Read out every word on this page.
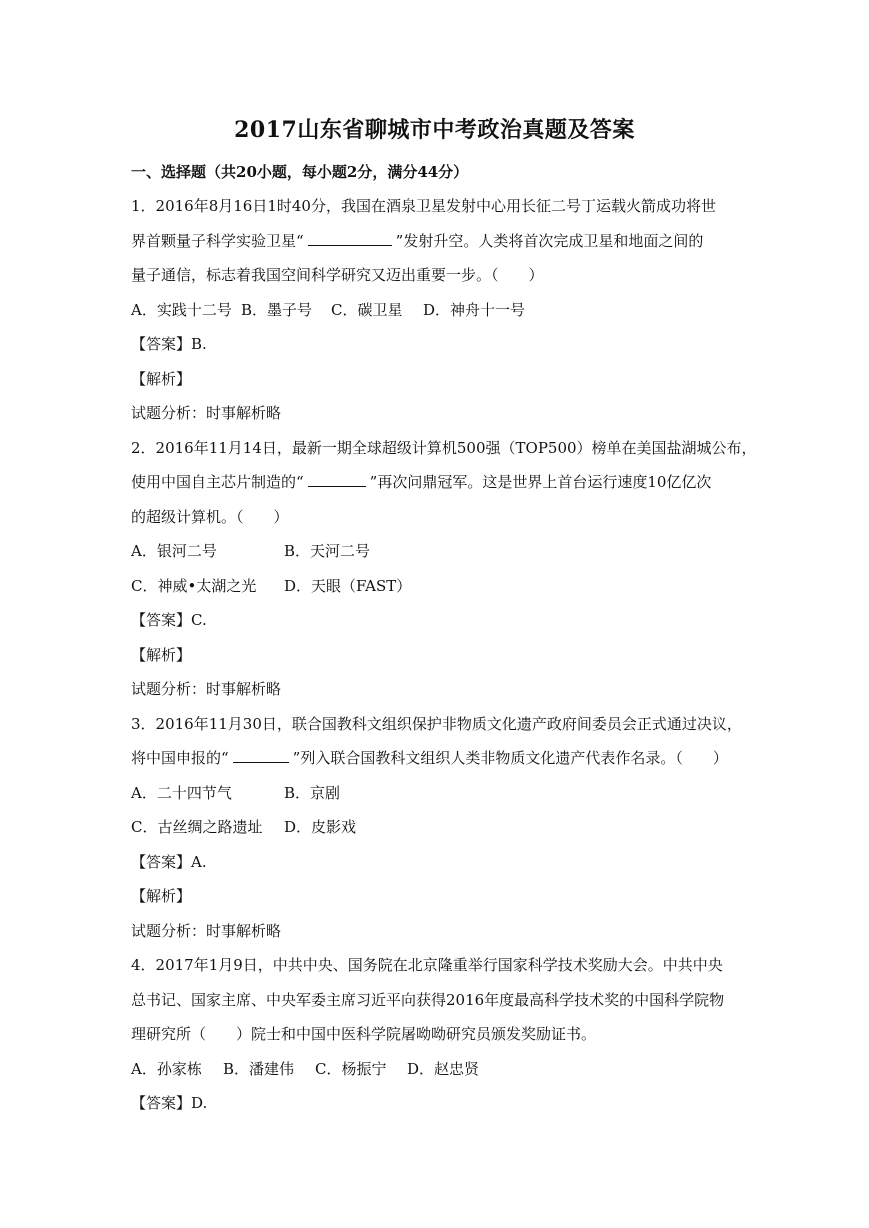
2017山东省聊城市中考政治真题及答案
一、选择题（共20小题，每小题2分，满分44分）
1．2016年8月16日1时40分，我国在酒泉卫星发射中心用长征二号丁运载火箭成功将世
界首颗量子科学实验卫星“	”发射升空。人类将首次完成卫星和地面之间的
量子通信，标志着我国空间科学研究又迈出重要一步。（　　）
A．实践十二号 B．墨子号 C．碳卫星 D．神舟十一号
【答案】B.
【解析】
试题分析：时事解析略
2．2016年11月14日，最新一期全球超级计算机500强（TOP500）榜单在美国盐湖城公布，
使用中国自主芯片制造的“	”再次问鼎冠军。这是世界上首台运行速度10亿亿次
的超级计算机。（　　）
A．银河二号	B．天河二号
C．神威•太湖之光 D．天眼（FAST）
【答案】C.
【解析】
试题分析：时事解析略
3．2016年11月30日，联合国教科文组织保护非物质文化遗产政府间委员会正式通过决议，
将中国申报的“	”列入联合国教科文组织人类非物质文化遗产代表作名录。（　　）
A．二十四节气	B．京剧
C．古丝绸之路遗址 D．皮影戏
【答案】A.
【解析】
试题分析：时事解析略
4．2017年1月9日，中共中央、国务院在北京隆重举行国家科学技术奖励大会。中共中央
总书记、国家主席、中央军委主席习近平向获得2016年度最高科学技术奖的中国科学院物
理研究所（　　）院士和中国中医科学院屠呦呦研究员颁发奖励证书。
A．孙家栋 B．潘建伟 C．杨振宁 D．赵忠贤
【答案】D.
